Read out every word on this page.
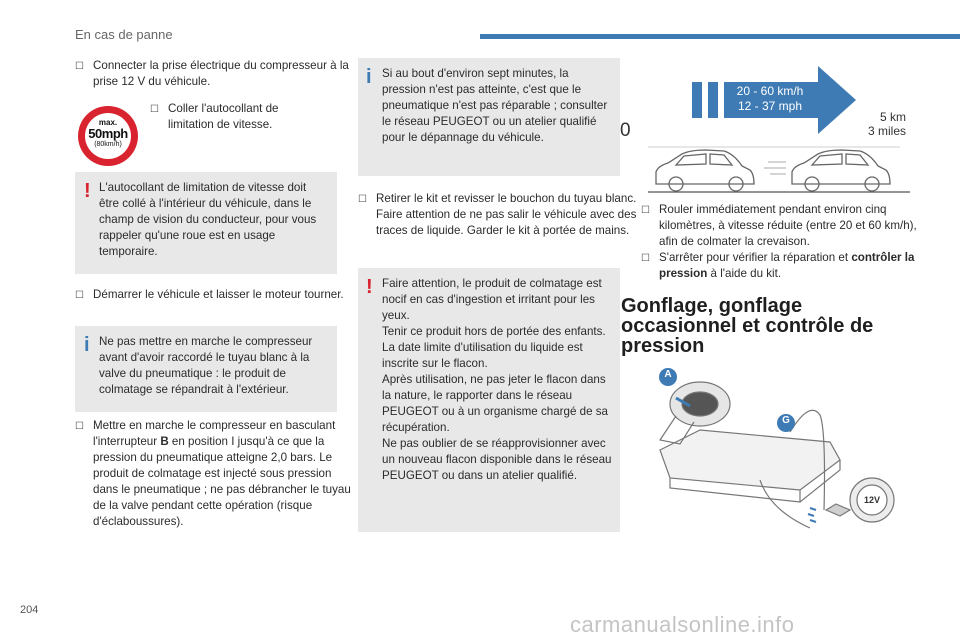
En cas de panne
☐ Connecter la prise électrique du compresseur à la prise 12 V du véhicule.
max.
50mph
(80km/h)
☐ Coller l'autocollant de limitation de vitesse.
! L'autocollant de limitation de vitesse doit être collé à l'intérieur du véhicule, dans le champ de vision du conducteur, pour vous rappeler qu'une roue est en usage temporaire.
☐ Démarrer le véhicule et laisser le moteur tourner.
i Ne pas mettre en marche le compresseur avant d'avoir raccordé le tuyau blanc à la valve du pneumatique : le produit de colmatage se répandrait à l'extérieur.
☐ Mettre en marche le compresseur en basculant l'interrupteur B en position I jusqu'à ce que la pression du pneumatique atteigne 2,0 bars. Le produit de colmatage est injecté sous pression dans le pneumatique ; ne pas débrancher le tuyau de la valve pendant cette opération (risque d'éclaboussures).
i Si au bout d'environ sept minutes, la pression n'est pas atteinte, c'est que le pneumatique n'est pas réparable ; consulter le réseau PEUGEOT ou un atelier qualifié pour le dépannage du véhicule.
☐ Retirer le kit et revisser le bouchon du tuyau blanc. Faire attention de ne pas salir le véhicule avec des traces de liquide. Garder le kit à portée de mains.
! Faire attention, le produit de colmatage est nocif en cas d'ingestion et irritant pour les yeux.
Tenir ce produit hors de portée des enfants.
La date limite d'utilisation du liquide est inscrite sur le flacon.
Après utilisation, ne pas jeter le flacon dans la nature, le rapporter dans le réseau PEUGEOT ou à un organisme chargé de sa récupération.
Ne pas oublier de se réapprovisionner avec un nouveau flacon disponible dans le réseau PEUGEOT ou dans un atelier qualifié.
0
20 - 60 km/h
12 - 37 mph
5 km
3 miles
☐ Rouler immédiatement pendant environ cinq kilomètres, à vitesse réduite (entre 20 et 60 km/h), afin de colmater la crevaison.
☐ S'arrêter pour vérifier la réparation et contrôler la pression à l'aide du kit.
Gonflage, gonflage occasionnel et contrôle de pression
A
G
12V
204
carmanualsonline.info
